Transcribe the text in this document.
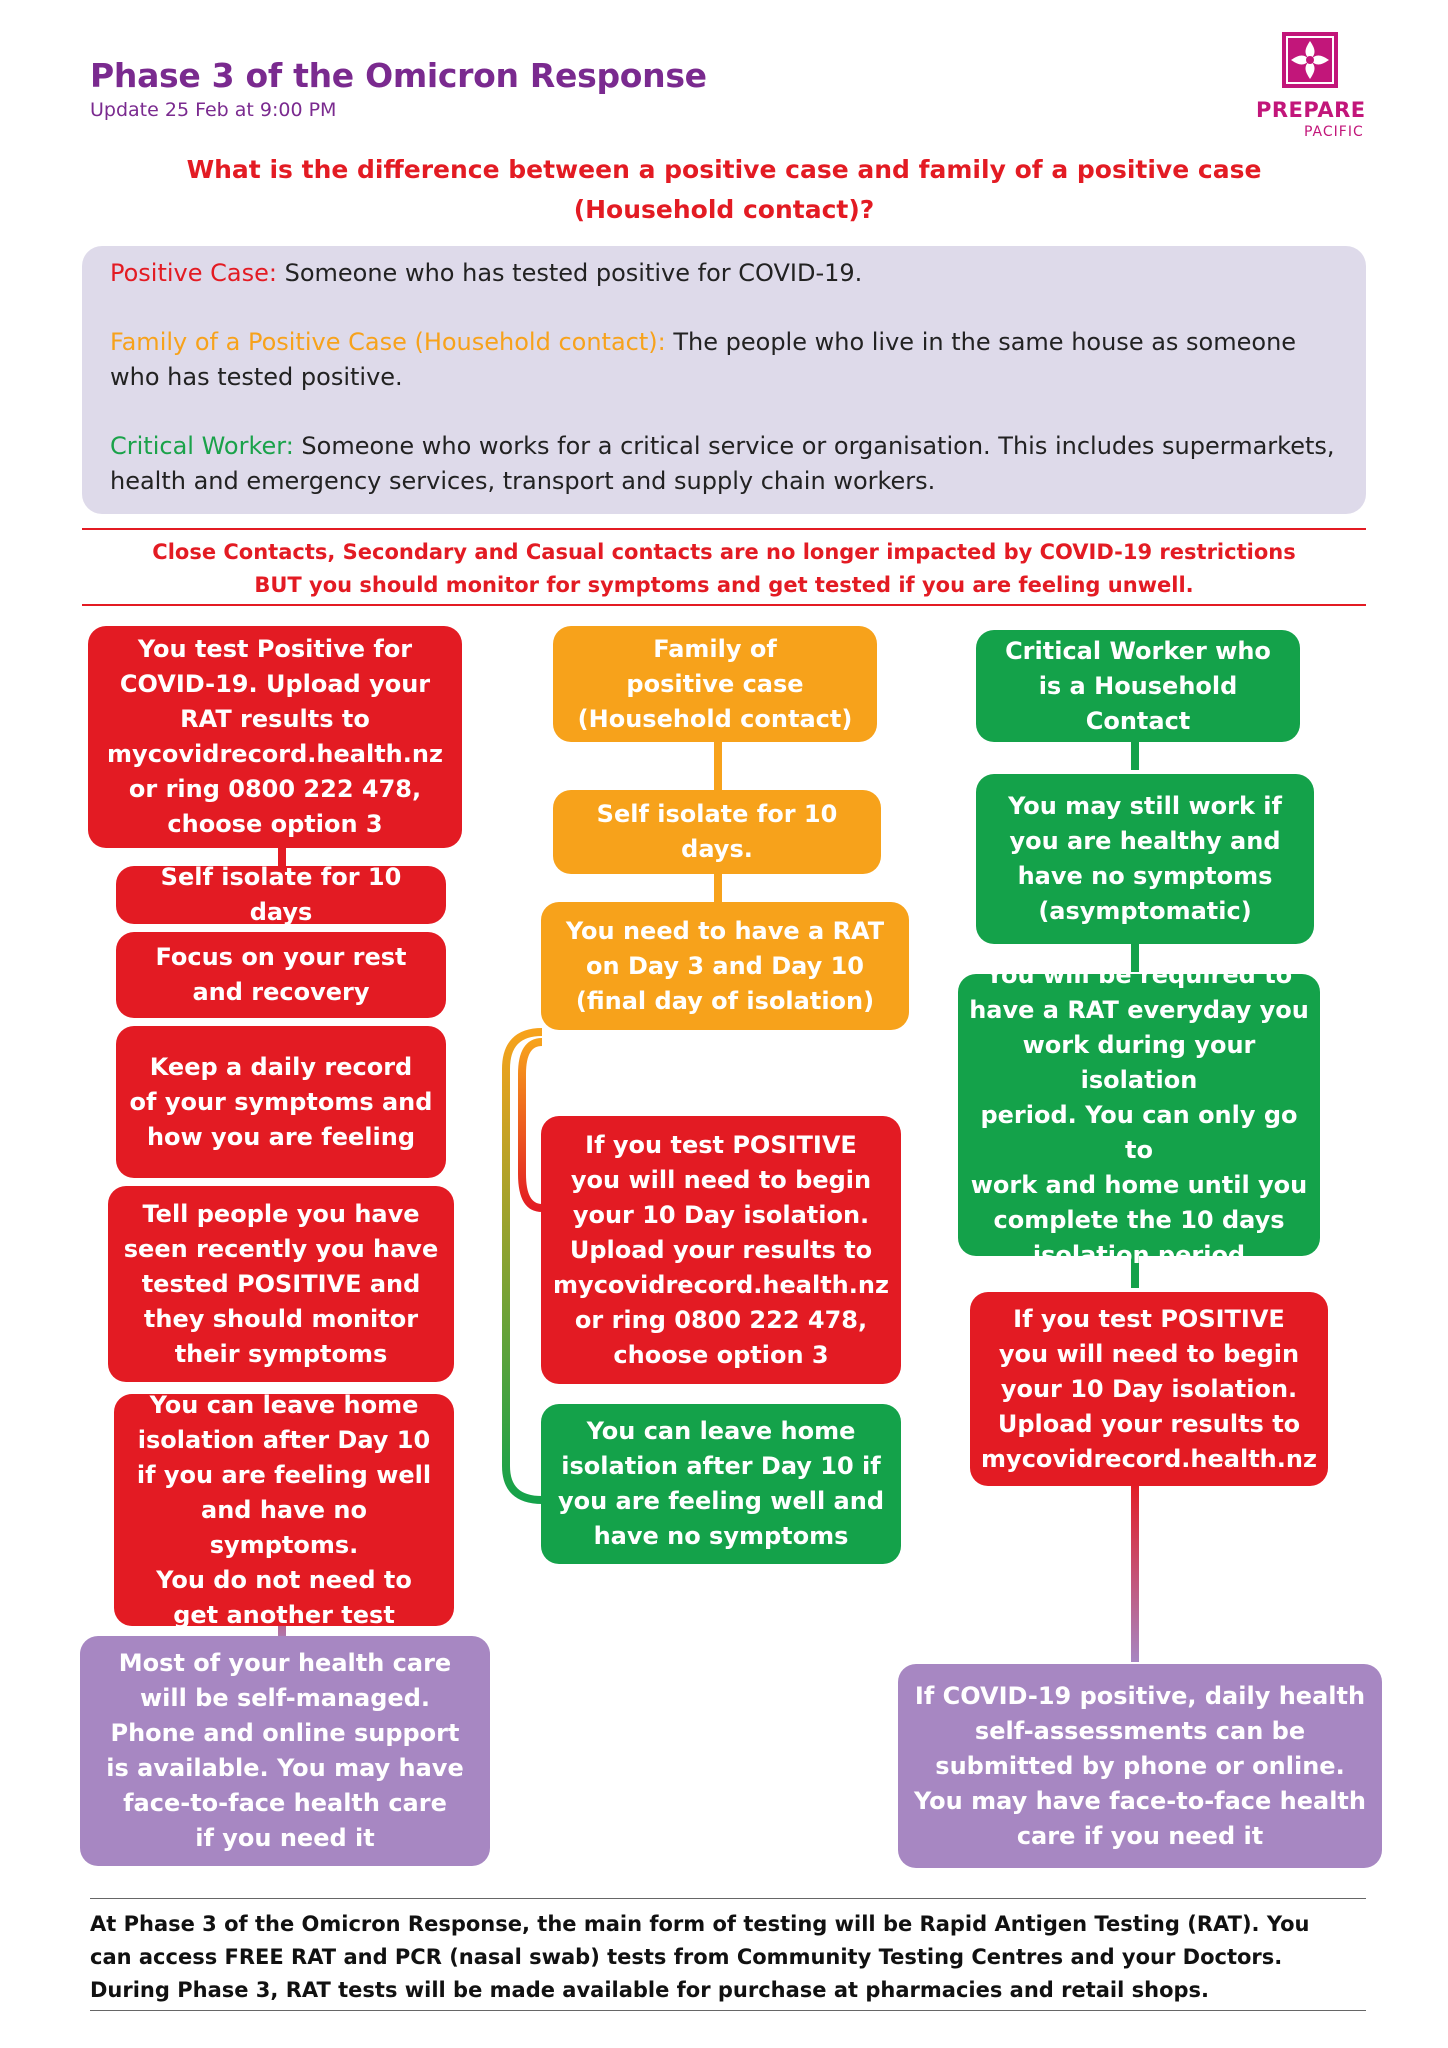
Phase 3 of the Omicron Response
Update 25 Feb at 9:00 PM	PREPARE
PACIFIC
What is the difference between a positive case and family of a positive case
(Household contact)?

Positive Case: Someone who has tested positive for COVID-19.

Family of a Positive Case (Household contact): The people who live in the same house as someone who has tested positive.

Critical Worker: Someone who works for a critical service or organisation. This includes supermarkets, health and emergency services, transport and supply chain workers.

Close Contacts, Secondary and Casual contacts are no longer impacted by COVID-19 restrictions
BUT you should monitor for symptoms and get tested if you are feeling unwell.
You test Positive for
COVID-19. Upload your
RAT results to
mycovidrecord.health.nz
or ring 0800 222 478,
choose option 3
Self isolate for 10 days
Focus on your rest
and recovery
Keep a daily record
of your symptoms and
how you are feeling
Tell people you have
seen recently you have
tested POSITIVE and
they should monitor
their symptoms
You can leave home
isolation after Day 10
if you are feeling well
and have no symptoms.
You do not need to
get another test
Most of your health care
will be self-managed.
Phone and online support
is available. You may have
face-to-face health care
if you need it
Family of
positive case
(Household contact)
Self isolate for 10 days.
You need to have a RAT
on Day 3 and Day 10
(final day of isolation)
If you test POSITIVE
you will need to begin
your 10 Day isolation.
Upload your results to
mycovidrecord.health.nz
or ring 0800 222 478,
choose option 3
You can leave home
isolation after Day 10 if
you are feeling well and
have no symptoms
Critical Worker who
is a Household Contact
You may still work if
you are healthy and
have no symptoms
(asymptomatic)
You will be required to
have a RAT everyday you
work during your isolation
period. You can only go to
work and home until you
complete the 10 days
isolation period
If you test POSITIVE
you will need to begin
your 10 Day isolation.
Upload your results to
mycovidrecord.health.nz
If COVID-19 positive, daily health
self-assessments can be
submitted by phone or online.
You may have face-to-face health
care if you need it
At Phase 3 of the Omicron Response, the main form of testing will be Rapid Antigen Testing (RAT). You
can access FREE RAT and PCR (nasal swab) tests from Community Testing Centres and your Doctors.
During Phase 3, RAT tests will be made available for purchase at pharmacies and retail shops.
